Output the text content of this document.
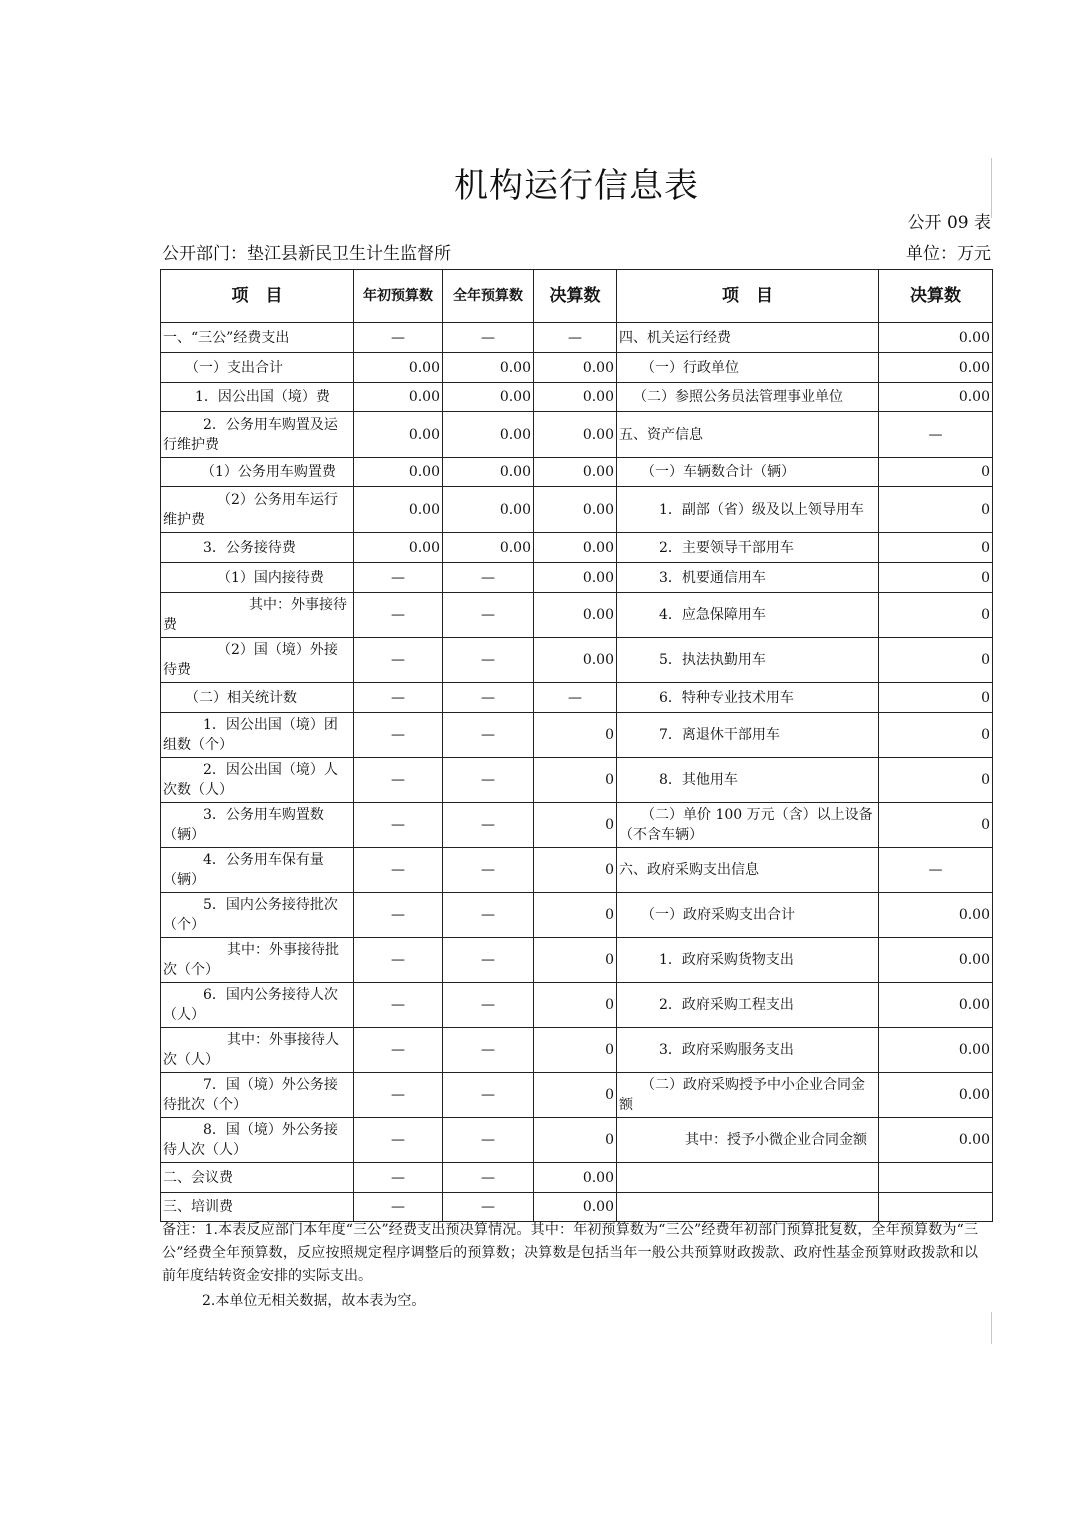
机构运行信息表
公开 09 表
公开部门：垫江县新民卫生计生监督所	单位：万元
项　目	年初预算数	全年预算数	决算数	项　目	决算数
一、“三公”经费支出	—	—	—	四、机关运行经费	0.00
（一）支出合计	0.00	0.00	0.00	（一）行政单位	0.00
1．因公出国（境）费	0.00	0.00	0.00	（二）参照公务员法管理事业单位	0.00
2．公务用车购置及运行维护费	0.00	0.00	0.00	五、资产信息	—
（1）公务用车购置费	0.00	0.00	0.00	（一）车辆数合计（辆）	0
（2）公务用车运行维护费	0.00	0.00	0.00	1．副部（省）级及以上领导用车	0
3．公务接待费	0.00	0.00	0.00	2．主要领导干部用车	0
（1）国内接待费	—	—	0.00	3．机要通信用车	0
其中：外事接待费	—	—	0.00	4．应急保障用车	0
（2）国（境）外接待费	—	—	0.00	5．执法执勤用车	0
（二）相关统计数	—	—	—	6．特种专业技术用车	0
1．因公出国（境）团组数（个）	—	—	0	7．离退休干部用车	0
2．因公出国（境）人次数（人）	—	—	0	8．其他用车	0
3．公务用车购置数（辆）	—	—	0	（二）单价 100 万元（含）以上设备（不含车辆）	0
4．公务用车保有量（辆）	—	—	0	六、政府采购支出信息	—
5．国内公务接待批次（个）	—	—	0	（一）政府采购支出合计	0.00
其中：外事接待批次（个）	—	—	0	1．政府采购货物支出	0.00
6．国内公务接待人次（人）	—	—	0	2．政府采购工程支出	0.00
其中：外事接待人次（人）	—	—	0	3．政府采购服务支出	0.00
7．国（境）外公务接待批次（个）	—	—	0	（二）政府采购授予中小企业合同金额	0.00
8．国（境）外公务接待人次（人）	—	—	0	其中：授予小微企业合同金额	0.00
二、会议费	—	—	0.00		
三、培训费	—	—	0.00		
备注：1.本表反应部门本年度“三公”经费支出预决算情况。其中：年初预算数为“三公”经费年初部门预算批复数，全年预算数为“三公”经费全年预算数，反应按照规定程序调整后的预算数；决算数是包括当年一般公共预算财政拨款、政府性基金预算财政拨款和以前年度结转资金安排的实际支出。
2.本单位无相关数据，故本表为空。
